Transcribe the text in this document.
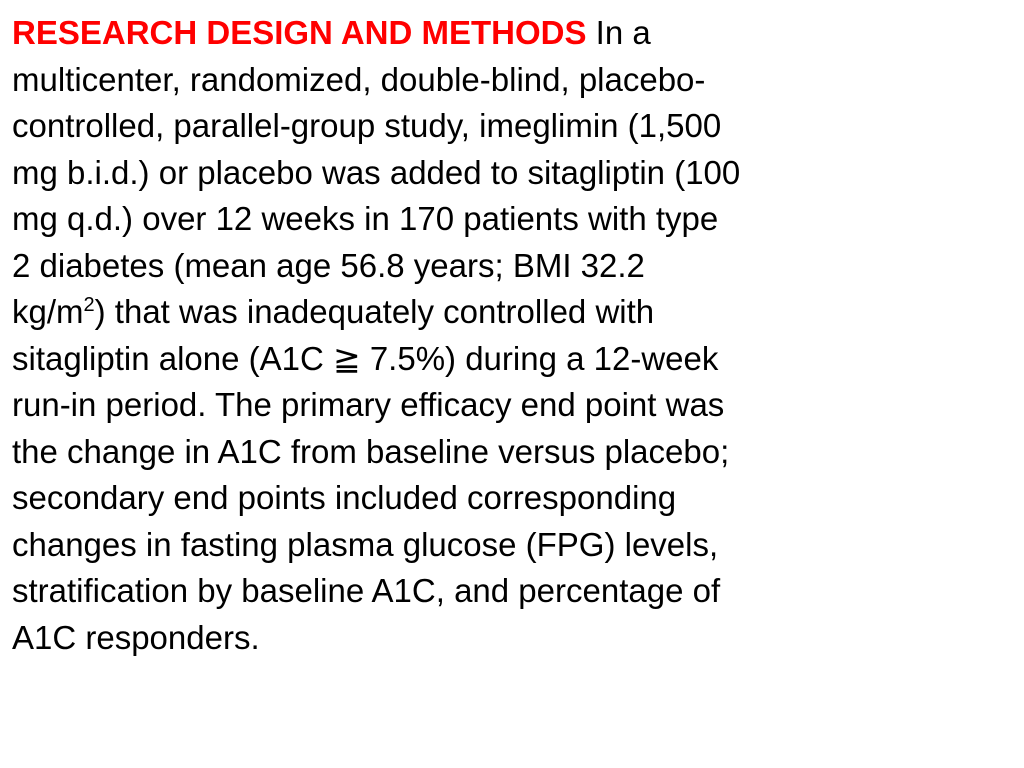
RESEARCH DESIGN AND METHODS In a
multicenter, randomized, double-blind, placebo-
controlled, parallel-group study, imeglimin (1,500
mg b.i.d.) or placebo was added to sitagliptin (100
mg q.d.) over 12 weeks in 170 patients with type
2 diabetes (mean age 56.8 years; BMI 32.2
$kg/m^2$) that was inadequately controlled with
sitagliptin alone (A1C ≧ 7.5%) during a 12-week
run-in period. The primary efficacy end point was
the change in A1C from baseline versus placebo;
secondary end points included corresponding
changes in fasting plasma glucose (FPG) levels,
stratification by baseline A1C, and percentage of
A1C responders.
